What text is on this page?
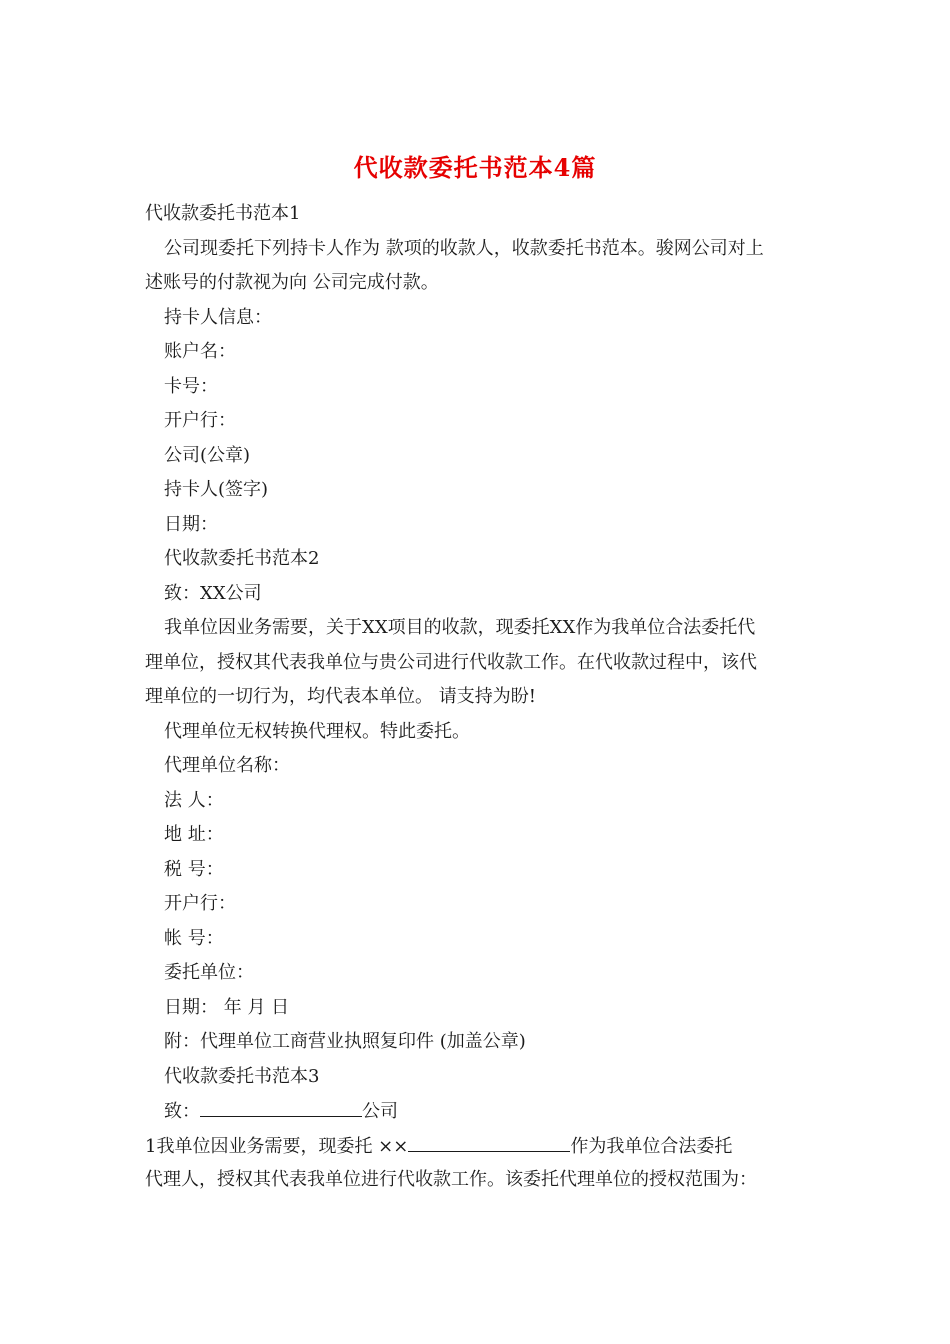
代收款委托书范本4篇
代收款委托书范本1
公司现委托下列持卡人作为 款项的收款人，收款委托书范本。骏网公司对上
述账号的付款视为向 公司完成付款。
持卡人信息：
账户名：
卡号：
开户行：
公司(公章)
持卡人(签字)
日期：
代收款委托书范本2
致：XX公司
我单位因业务需要，关于XX项目的收款，现委托XX作为我单位合法委托代
理单位，授权其代表我单位与贵公司进行代收款工作。在代收款过程中，该代
理单位的一切行为，均代表本单位。 请支持为盼!
代理单位无权转换代理权。特此委托。
代理单位名称：
法 人：
地 址：
税 号：
开户行：
帐 号：
委托单位：
日期： 年 月 日
附：代理单位工商营业执照复印件 (加盖公章)
代收款委托书范本3
致：	公司
1我单位因业务需要，现委托 ××	作为我单位合法委托
代理人，授权其代表我单位进行代收款工作。该委托代理单位的授权范围为：
